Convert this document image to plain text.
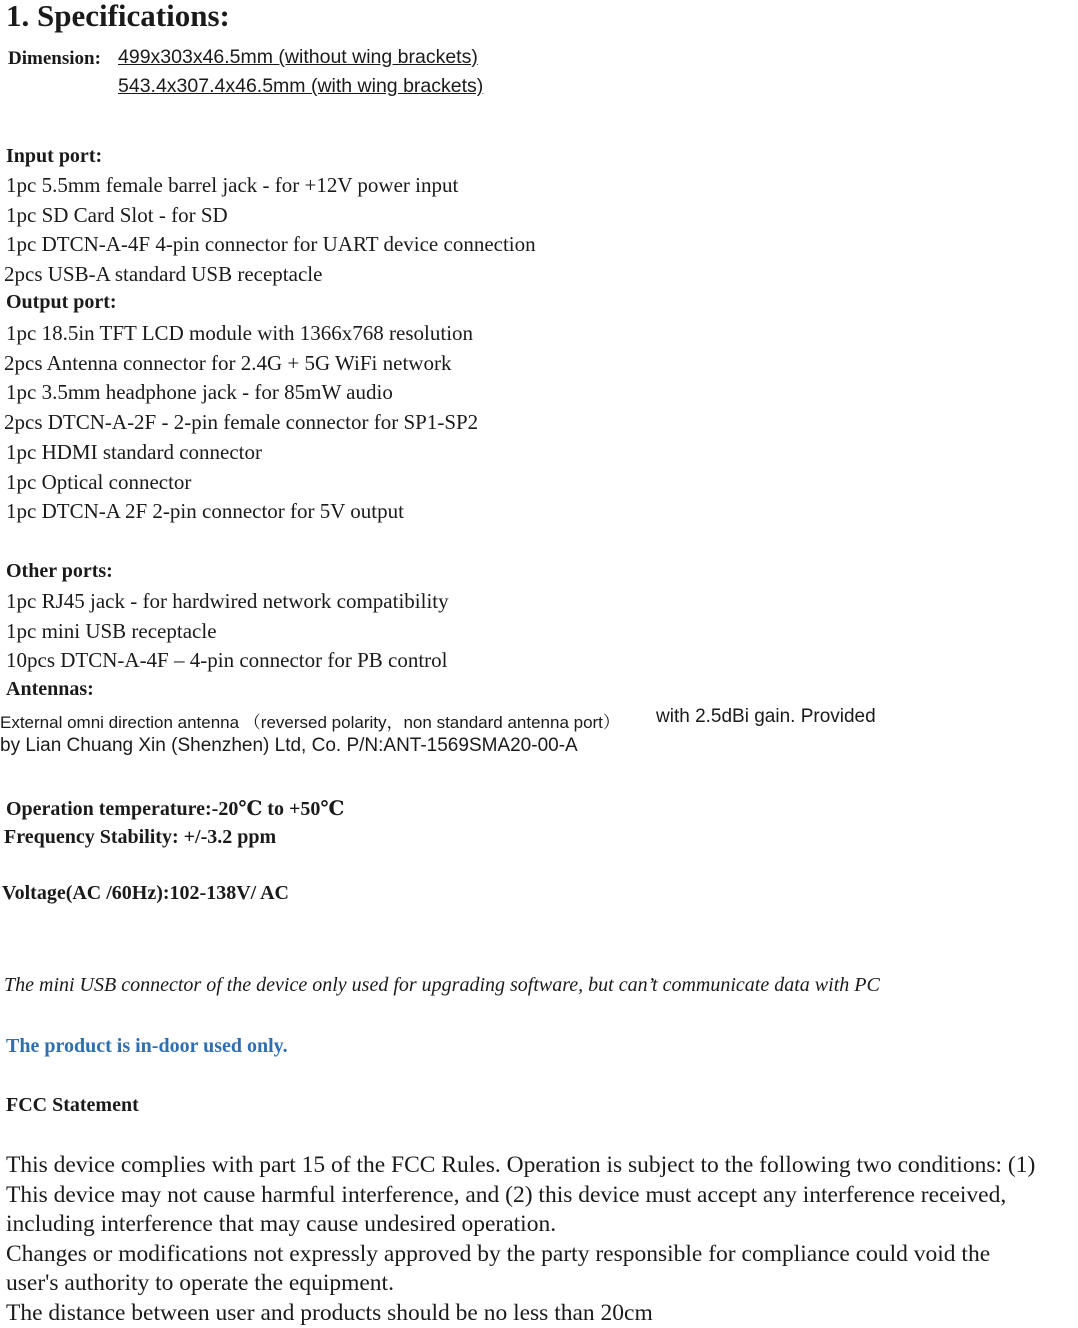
1. Specifications:
Dimension: 499x303x46.5mm (without wing brackets)
543.4x307.4x46.5mm (with wing brackets)
Input port:
1pc 5.5mm female barrel jack - for +12V power input
1pc SD Card Slot - for SD
1pc DTCN-A-4F 4-pin connector for UART device connection
2pcs USB-A standard USB receptacle
Output port:
1pc 18.5in TFT LCD module with 1366x768 resolution
2pcs Antenna connector for 2.4G + 5G WiFi network
1pc 3.5mm headphone jack - for 85mW audio
2pcs DTCN-A-2F - 2-pin female connector for SP1-SP2
1pc HDMI standard connector
1pc Optical connector
1pc DTCN-A 2F 2-pin connector for 5V output
Other ports:
1pc RJ45 jack - for hardwired network compatibility
1pc mini USB receptacle
10pcs DTCN-A-4F – 4-pin connector for PB control
Antennas:
External omni direction antenna （reversed polarity，non standard antenna port） with 2.5dBi gain. Provided
by Lian Chuang Xin (Shenzhen) Ltd, Co. P/N:ANT-1569SMA20-00-A
Operation temperature:-20℃ to +50℃
Frequency Stability: +/-3.2 ppm
Voltage(AC /60Hz):102-138V/ AC
The mini USB connector of the device only used for upgrading software, but can’t communicate data with PC
The product is in-door used only.
FCC Statement
This device complies with part 15 of the FCC Rules. Operation is subject to the following two conditions: (1)
This device may not cause harmful interference, and (2) this device must accept any interference received,
including interference that may cause undesired operation.
Changes or modifications not expressly approved by the party responsible for compliance could void the
user's authority to operate the equipment.
The distance between user and products should be no less than 20cm
